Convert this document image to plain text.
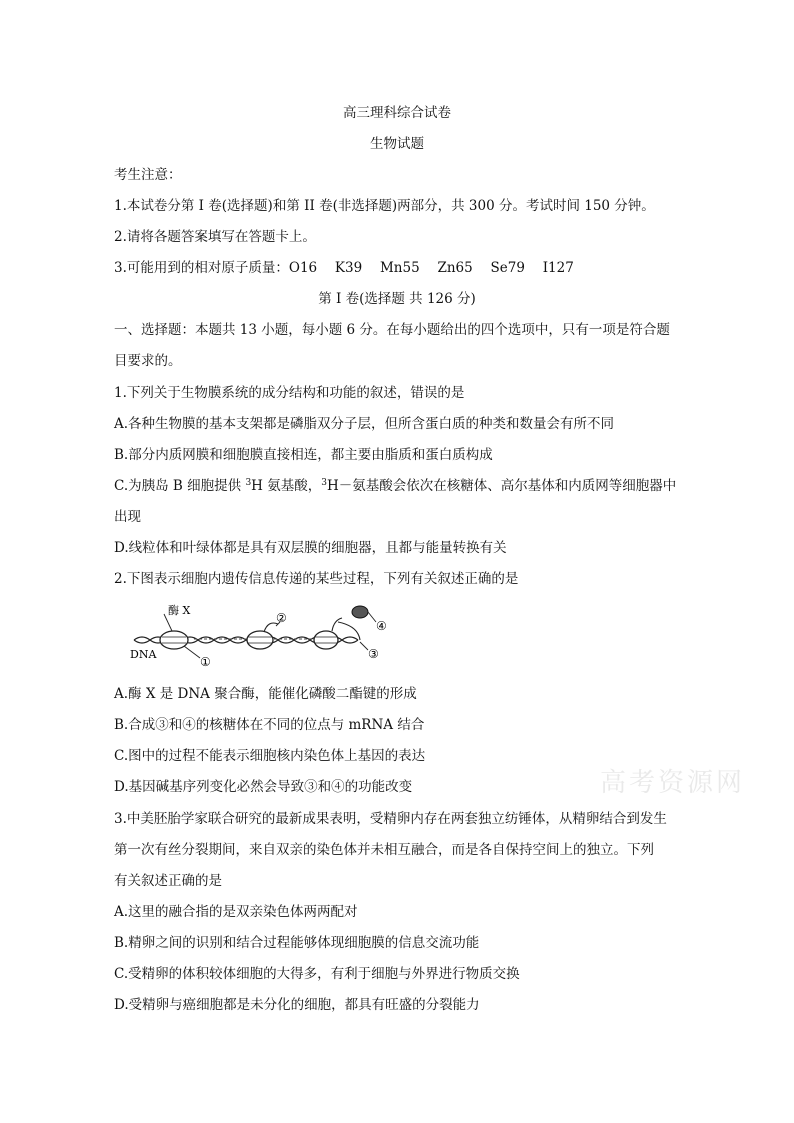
高三理科综合试卷
生物试题
考生注意：
1.本试卷分第 I 卷(选择题)和第 II 卷(非选择题)两部分，共 300 分。考试时间 150 分钟。
2.请将各题答案填写在答题卡上。
3.可能用到的相对原子质量：O16　 K39　 Mn55　 Zn65　 Se79　 I127
第 I 卷(选择题 共 126 分)
一、选择题：本题共 13 小题，每小题 6 分。在每小题给出的四个选项中，只有一项是符合题
目要求的。
1.下列关于生物膜系统的成分结构和功能的叙述，错误的是
A.各种生物膜的基本支架都是磷脂双分子层，但所含蛋白质的种类和数量会有所不同
B.部分内质网膜和细胞膜直接相连，都主要由脂质和蛋白质构成
C.为胰岛 B 细胞提供 $^3$H 氨基酸，$^3$H－氨基酸会依次在核糖体、高尔基体和内质网等细胞器中
出现
D.线粒体和叶绿体都是具有双层膜的细胞器，且都与能量转换有关
2.下图表示细胞内遗传信息传递的某些过程，下列有关叙述正确的是
酶 X
DNA
①
②
③
④
A.酶 X 是 DNA 聚合酶，能催化磷酸二酯键的形成
B.合成③和④的核糖体在不同的位点与 mRNA 结合
C.图中的过程不能表示细胞核内染色体上基因的表达
D.基因碱基序列变化必然会导致③和④的功能改变	高考资源网
3.中美胚胎学家联合研究的最新成果表明，受精卵内存在两套独立纺锤体，从精卵结合到发生
第一次有丝分裂期间，来自双亲的染色体并未相互融合，而是各自保持空间上的独立。下列
有关叙述正确的是
A.这里的融合指的是双亲染色体两两配对
B.精卵之间的识别和结合过程能够体现细胞膜的信息交流功能
C.受精卵的体积较体细胞的大得多，有利于细胞与外界进行物质交换
D.受精卵与癌细胞都是未分化的细胞，都具有旺盛的分裂能力
